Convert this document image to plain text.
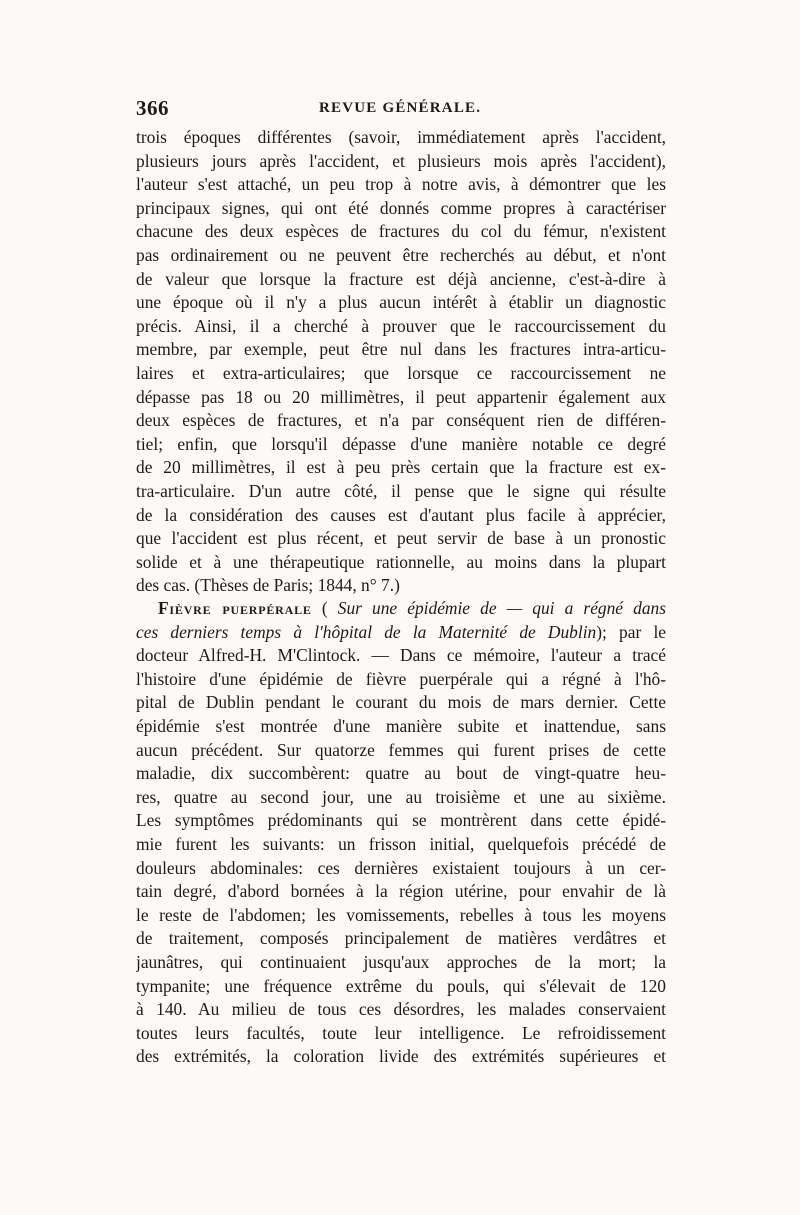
366	REVUE GÉNÉRALE.
trois époques différentes (savoir, immédiatement après l'accident,
plusieurs jours après l'accident, et plusieurs mois après l'accident),
l'auteur s'est attaché, un peu trop à notre avis, à démontrer que les
principaux signes, qui ont été donnés comme propres à caractériser
chacune des deux espèces de fractures du col du fémur, n'existent
pas ordinairement ou ne peuvent être recherchés au début, et n'ont
de valeur que lorsque la fracture est déjà ancienne, c'est-à-dire à
une époque où il n'y a plus aucun intérêt à établir un diagnostic
précis. Ainsi, il a cherché à prouver que le raccourcissement du
membre, par exemple, peut être nul dans les fractures intra-articu-
laires et extra-articulaires; que lorsque ce raccourcissement ne
dépasse pas 18 ou 20 millimètres, il peut appartenir également aux
deux espèces de fractures, et n'a par conséquent rien de différen-
tiel; enfin, que lorsqu'il dépasse d'une manière notable ce degré
de 20 millimètres, il est à peu près certain que la fracture est ex-
tra-articulaire. D'un autre côté, il pense que le signe qui résulte
de la considération des causes est d'autant plus facile à apprécier,
que l'accident est plus récent, et peut servir de base à un pronostic
solide et à une thérapeutique rationnelle, au moins dans la plupart
des cas. (Thèses de Paris; 1844, n° 7.)
Fièvre puerpérale ( Sur une épidémie de — qui a régné dans
ces derniers temps à l'hôpital de la Maternité de Dublin); par le
docteur Alfred-H. M'Clintock. — Dans ce mémoire, l'auteur a tracé
l'histoire d'une épidémie de fièvre puerpérale qui a régné à l'hô-
pital de Dublin pendant le courant du mois de mars dernier. Cette
épidémie s'est montrée d'une manière subite et inattendue, sans
aucun précédent. Sur quatorze femmes qui furent prises de cette
maladie, dix succombèrent: quatre au bout de vingt-quatre heu-
res, quatre au second jour, une au troisième et une au sixième.
Les symptômes prédominants qui se montrèrent dans cette épidé-
mie furent les suivants: un frisson initial, quelquefois précédé de
douleurs abdominales: ces dernières existaient toujours à un cer-
tain degré, d'abord bornées à la région utérine, pour envahir de là
le reste de l'abdomen; les vomissements, rebelles à tous les moyens
de traitement, composés principalement de matières verdâtres et
jaunâtres, qui continuaient jusqu'aux approches de la mort; la
tympanite; une fréquence extrême du pouls, qui s'élevait de 120
à 140. Au milieu de tous ces désordres, les malades conservaient
toutes leurs facultés, toute leur intelligence. Le refroidissement
des extrémités, la coloration livide des extrémités supérieures et
